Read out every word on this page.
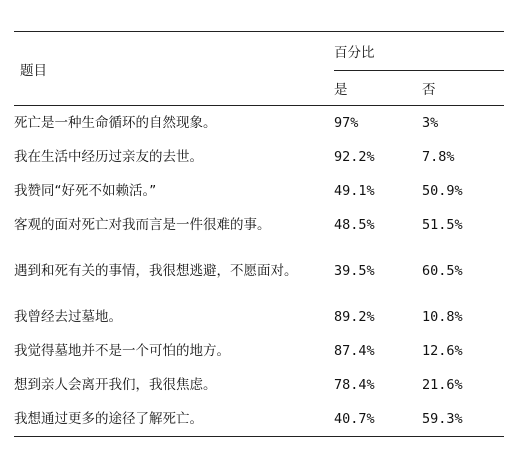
题目	百分比	
	是	否
死亡是一种生命循环的自然现象。	97%	3%
我在生活中经历过亲友的去世。	92.2%	7.8%
我赞同“好死不如赖活。”	49.1%	50.9%
客观的面对死亡对我而言是一件很难的事。	48.5%	51.5%
遇到和死有关的事情，我很想逃避，不愿面对。	39.5%	60.5%
我曾经去过墓地。	89.2%	10.8%
我觉得墓地并不是一个可怕的地方。	87.4%	12.6%
想到亲人会离开我们，我很焦虑。	78.4%	21.6%
我想通过更多的途径了解死亡。	40.7%	59.3%
